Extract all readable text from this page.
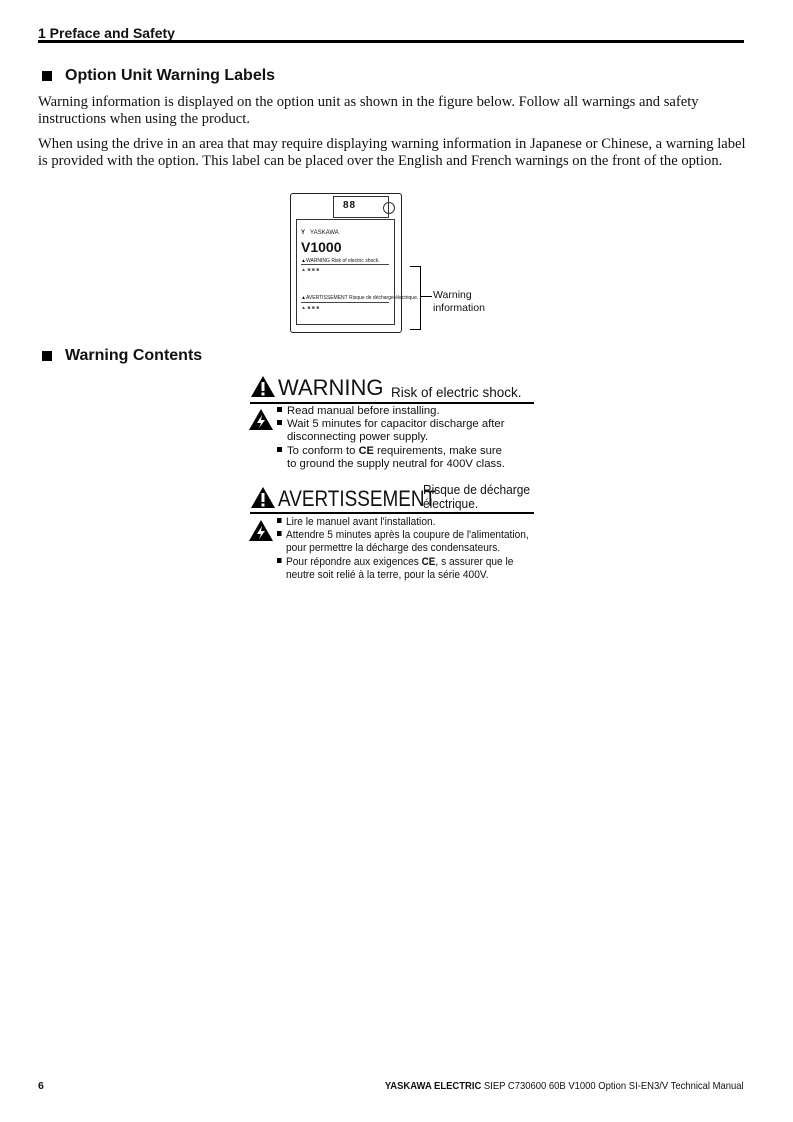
1 Preface and Safety
Option Unit Warning Labels
Warning information is displayed on the option unit as shown in the figure below. Follow all warnings and safety instructions when using the product.
When using the drive in an area that may require displaying warning information in Japanese or Chinese, a warning label is provided with the option. This label can be placed over the English and French warnings on the front of the option.
88
Y YASKAWA
V1000
▲WARNING Risk of electric shock.
▲ ■ ■ ■
▲AVERTISSEMENT Risque de décharge électrique.
▲ ■ ■ ■
Warning
information
Warning Contents
WARNING Risk of electric shock.
Read manual before installing.
Wait 5 minutes for capacitor discharge after
disconnecting power supply.
To conform to CE requirements, make sure
to ground the supply neutral for 400V class.
AVERTISSEMENT
Risque de décharge
électrique.
Lire le manuel avant l'installation.
Attendre 5 minutes après la coupure de l'alimentation,
pour permettre la décharge des condensateurs.
Pour répondre aux exigences CE, s assurer que le
neutre soit relié à la terre, pour la série 400V.
6	YASKAWA ELECTRIC SIEP C730600 60B V1000 Option SI-EN3/V Technical Manual
